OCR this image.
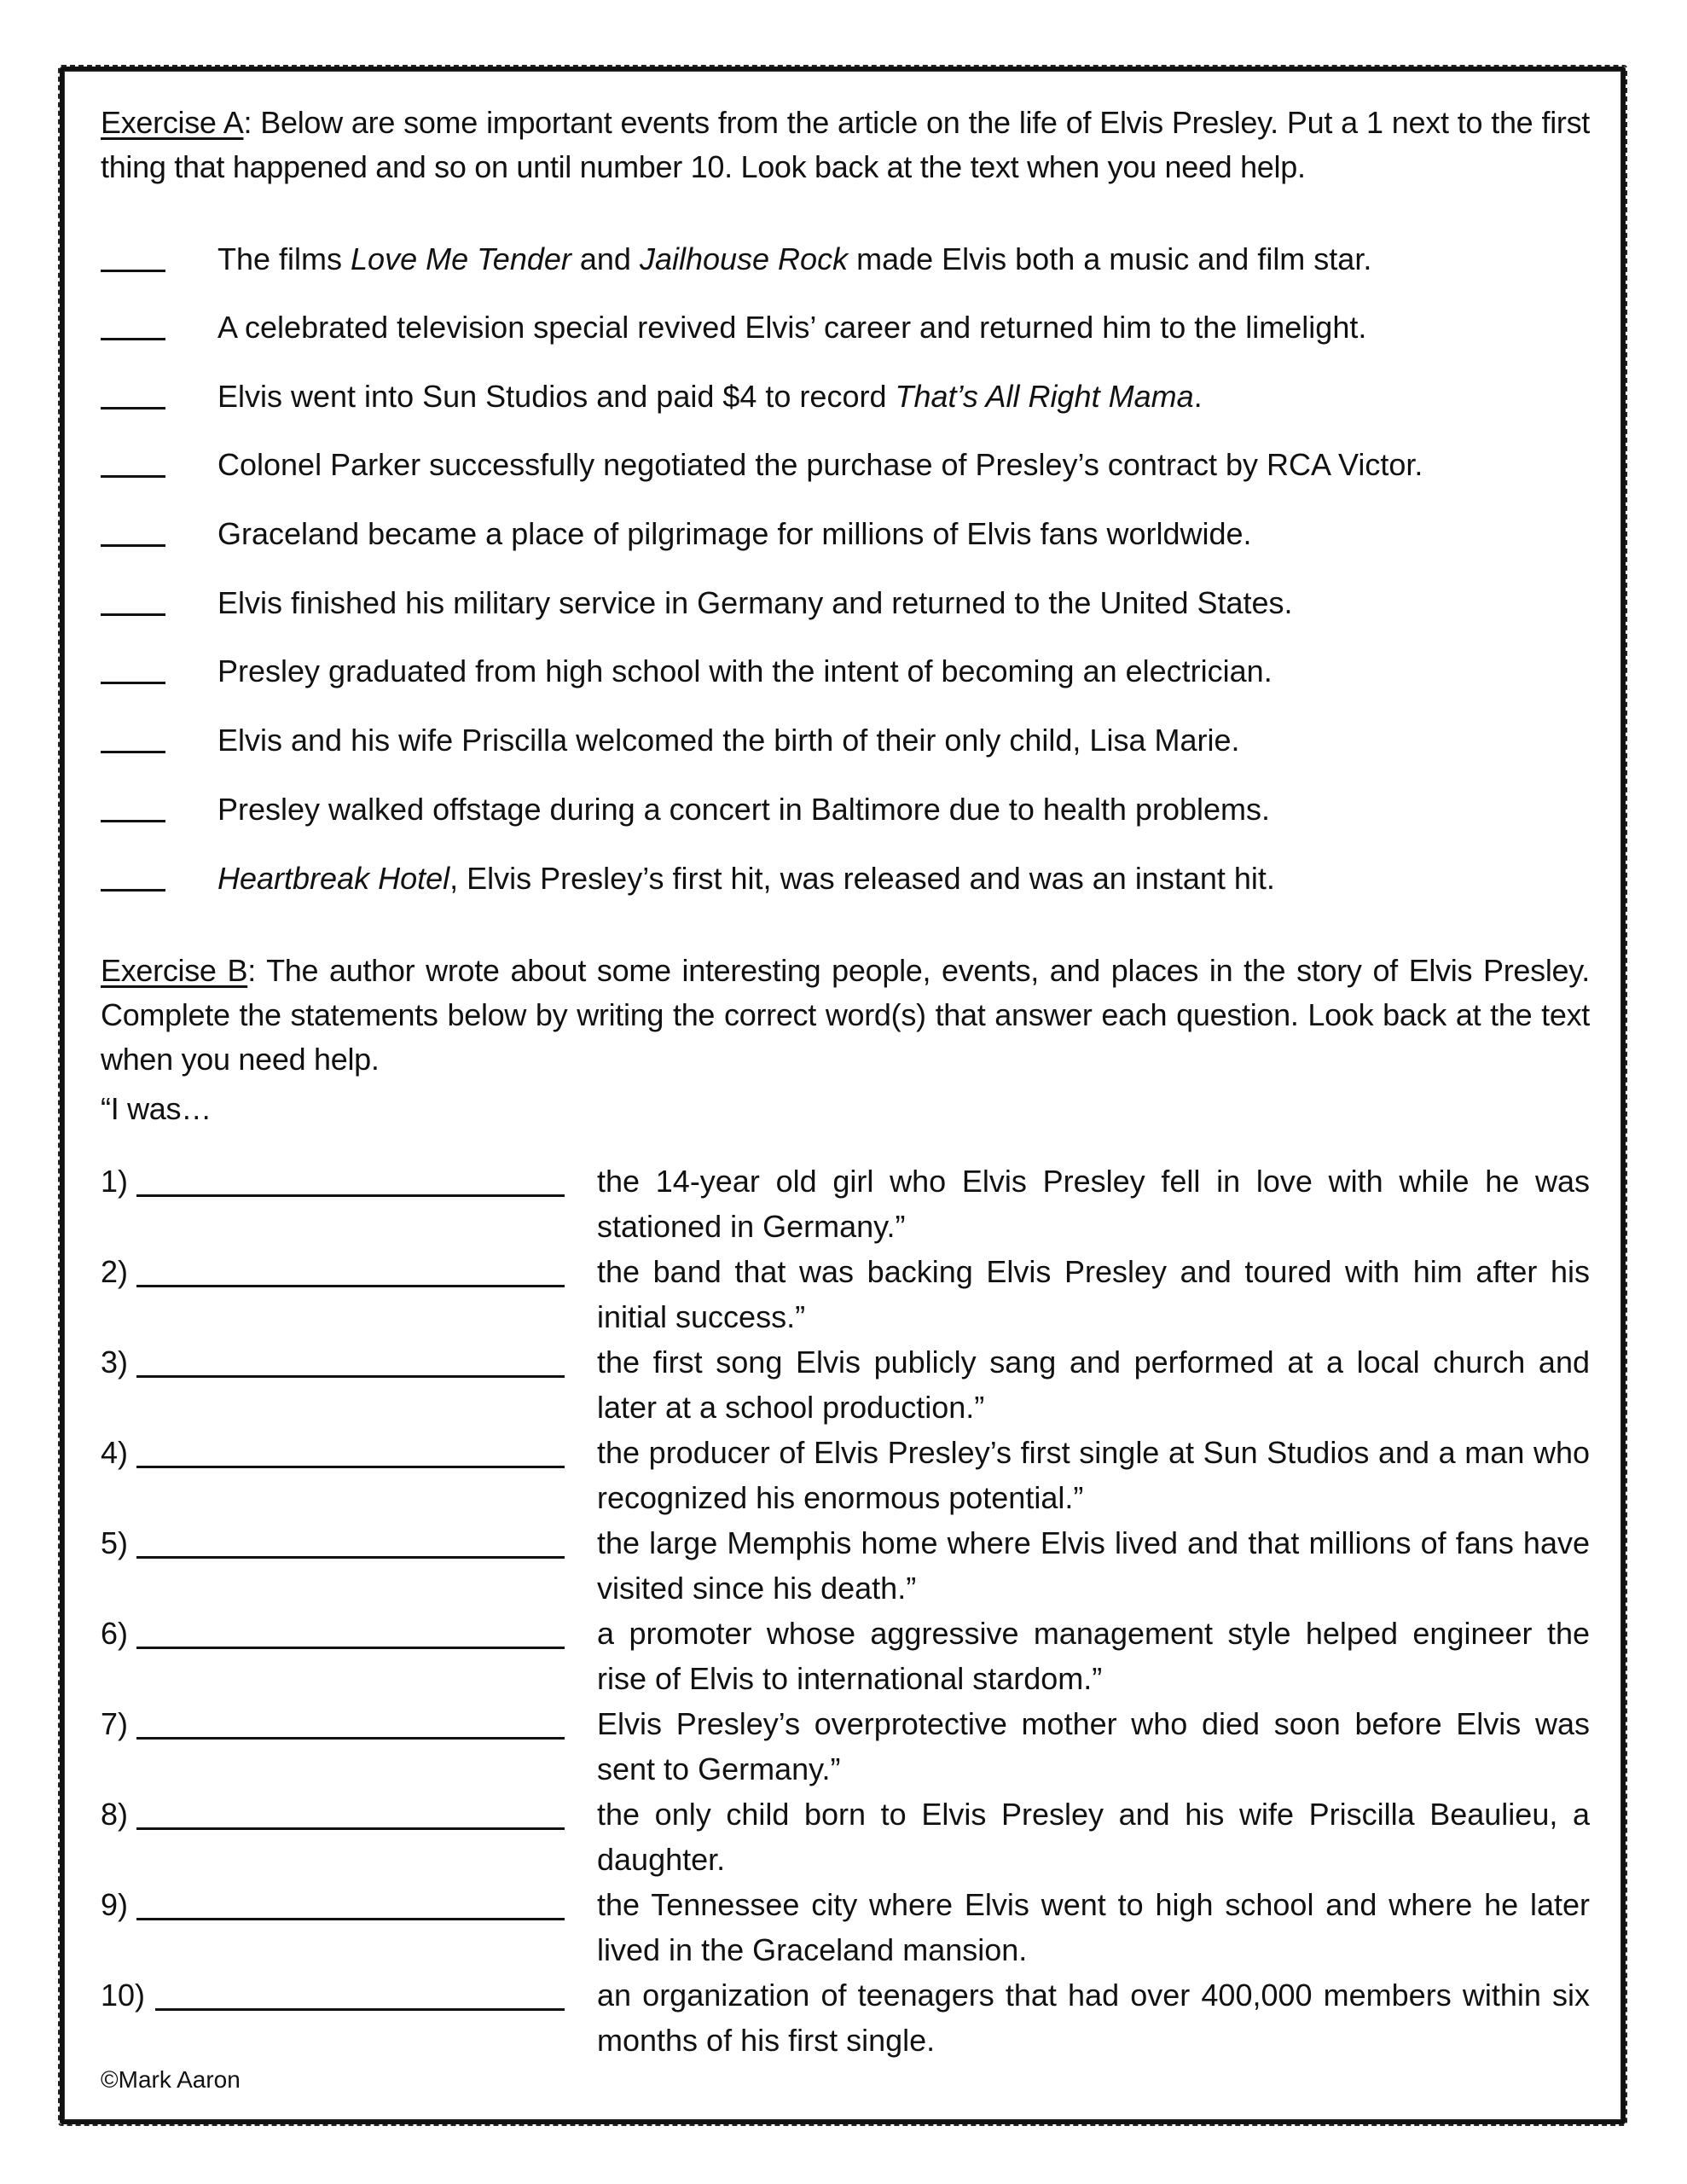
Exercise A: Below are some important events from the article on the life of Elvis Presley. Put a 1 next to the first thing that happened and so on until number 10. Look back at the text when you need help.
The films Love Me Tender and Jailhouse Rock made Elvis both a music and film star.
A celebrated television special revived Elvis’ career and returned him to the limelight.
Elvis went into Sun Studios and paid $4 to record That’s All Right Mama.
Colonel Parker successfully negotiated the purchase of Presley’s contract by RCA Victor.
Graceland became a place of pilgrimage for millions of Elvis fans worldwide.
Elvis finished his military service in Germany and returned to the United States.
Presley graduated from high school with the intent of becoming an electrician.
Elvis and his wife Priscilla welcomed the birth of their only child, Lisa Marie.
Presley walked offstage during a concert in Baltimore due to health problems.
Heartbreak Hotel, Elvis Presley’s first hit, was released and was an instant hit.
Exercise B: The author wrote about some interesting people, events, and places in the story of Elvis Presley. Complete the statements below by writing the correct word(s) that answer each question. Look back at the text when you need help.
“I was…
1)	the 14-year old girl who Elvis Presley fell in love with while he was stationed in Germany.”
2)	the band that was backing Elvis Presley and toured with him after his initial success.”
3)	the first song Elvis publicly sang and performed at a local church and later at a school production.”
4)	the producer of Elvis Presley’s first single at Sun Studios and a man who recognized his enormous potential.”
5)	the large Memphis home where Elvis lived and that millions of fans have visited since his death.”
6)	a promoter whose aggressive management style helped engineer the rise of Elvis to international stardom.”
7)	Elvis Presley’s overprotective mother who died soon before Elvis was sent to Germany.”
8)	the only child born to Elvis Presley and his wife Priscilla Beaulieu, a daughter.
9)	the Tennessee city where Elvis went to high school and where he later lived in the Graceland mansion.
10)	an organization of teenagers that had over 400,000 members within six months of his first single.
©Mark Aaron
